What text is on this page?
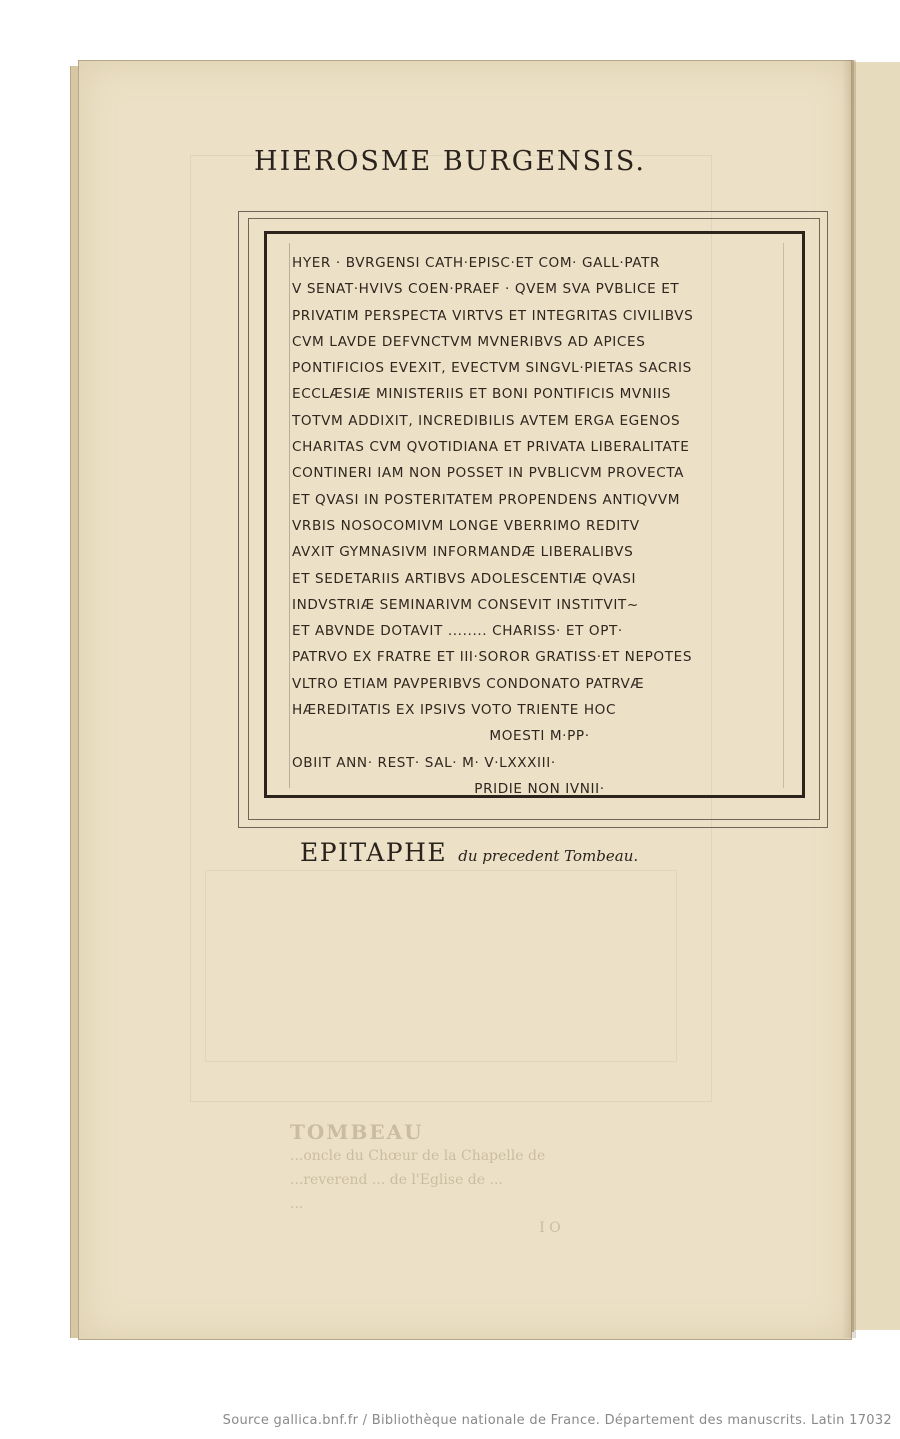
TOMBEAU
...oncle du Chœur de la Chapelle de
...reverend ... de l'Eglise de ...
...
I O
HIEROSME BURGENSIS.
HYER · BVRGENSI CATH·EPISC·ET COM· GALL·PATR
V SENAT·HVIVS COEN·PRAEF · QVEM SVA PVBLICE ET
PRIVATIM PERSPECTA VIRTVS ET INTEGRITAS CIVILIBVS
CVM LAVDE DEFVNCTVM MVNERIBVS AD APICES
PONTIFICIOS EVEXIT, EVECTVM SINGVL·PIETAS SACRIS
ECCLÆSIÆ MINISTERIIS ET BONI PONTIFICIS MVNIIS
TOTVM ADDIXIT, INCREDIBILIS AVTEM ERGA EGENOS
CHARITAS CVM QVOTIDIANA ET PRIVATA LIBERALITATE
CONTINERI IAM NON POSSET IN PVBLICVM PROVECTA
ET QVASI IN POSTERITATEM PROPENDENS ANTIQVVM
VRBIS NOSOCOMIVM LONGE VBERRIMO REDITV
AVXIT GYMNASIVM INFORMANDÆ LIBERALIBVS
ET SEDETARIIS ARTIBVS ADOLESCENTIÆ QVASI
INDVSTRIÆ SEMINARIVM CONSEVIT INSTITVIT~
ET ABVNDE DOTAVIT ........ CHARISS· ET OPT·
PATRVO EX FRATRE ET III·SOROR GRATISS·ET NEPOTES
VLTRO ETIAM PAVPERIBVS CONDONATO PATRVÆ
HÆREDITATIS EX IPSIVS VOTO TRIENTE HOC
MOESTI M·PP·
OBIIT ANN· REST· SAL· M· V·LXXXIII·
PRIDIE NON IVNII·
EPITAPHE du precedent Tombeau.
Source gallica.bnf.fr / Bibliothèque nationale de France. Département des manuscrits. Latin 17032
